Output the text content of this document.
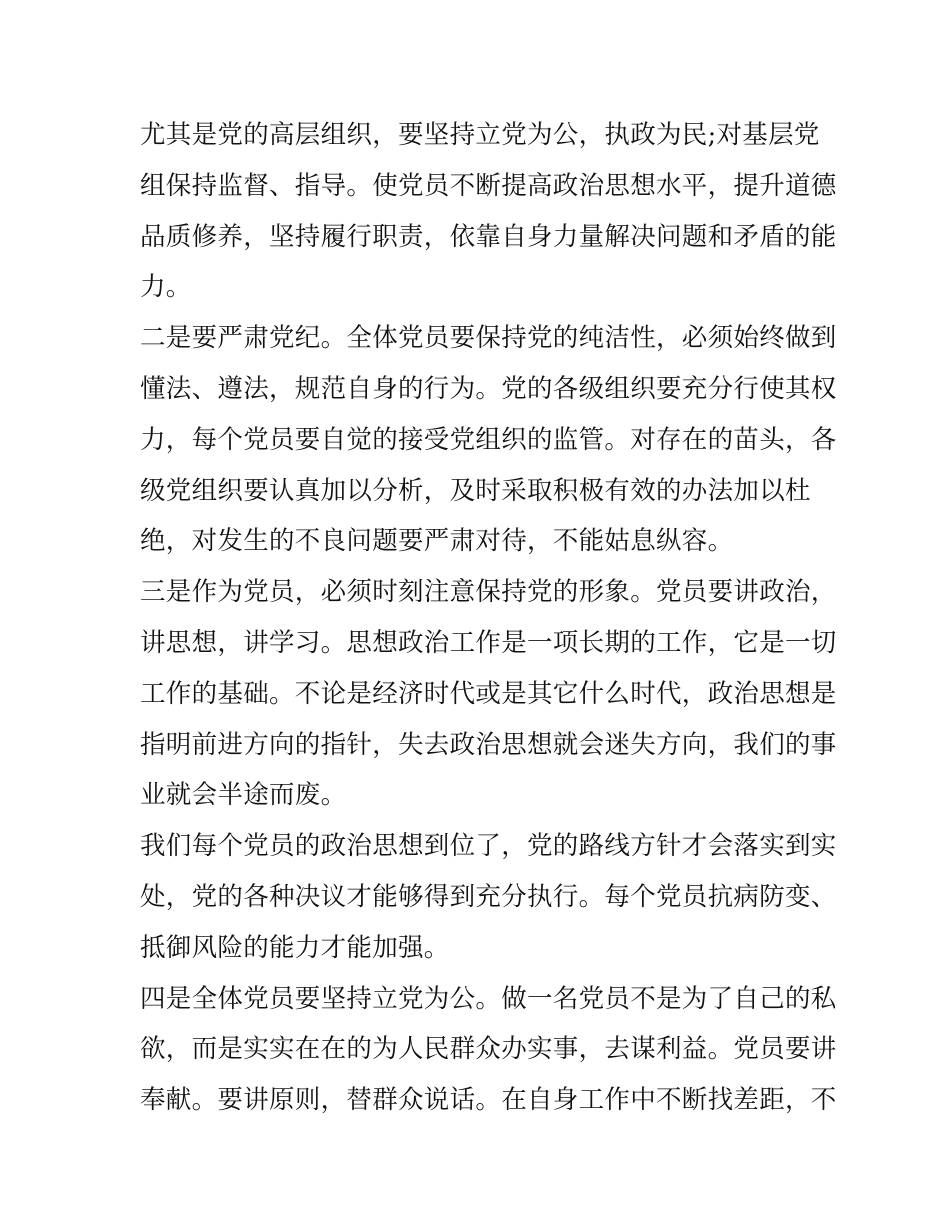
尤其是党的高层组织，要坚持立党为公，执政为民;对基层党
组保持监督、指导。使党员不断提高政治思想水平，提升道德
品质修养，坚持履行职责，依靠自身力量解决问题和矛盾的能
力。
二是要严肃党纪。全体党员要保持党的纯洁性，必须始终做到
懂法、遵法，规范自身的行为。党的各级组织要充分行使其权
力，每个党员要自觉的接受党组织的监管。对存在的苗头，各
级党组织要认真加以分析，及时采取积极有效的办法加以杜
绝，对发生的不良问题要严肃对待，不能姑息纵容。
三是作为党员，必须时刻注意保持党的形象。党员要讲政治，
讲思想，讲学习。思想政治工作是一项长期的工作，它是一切
工作的基础。不论是经济时代或是其它什么时代，政治思想是
指明前进方向的指针，失去政治思想就会迷失方向，我们的事
业就会半途而废。
我们每个党员的政治思想到位了，党的路线方针才会落实到实
处，党的各种决议才能够得到充分执行。每个党员抗病防变、
抵御风险的能力才能加强。
四是全体党员要坚持立党为公。做一名党员不是为了自己的私
欲，而是实实在在的为人民群众办实事，去谋利益。党员要讲
奉献。要讲原则，替群众说话。在自身工作中不断找差距，不
